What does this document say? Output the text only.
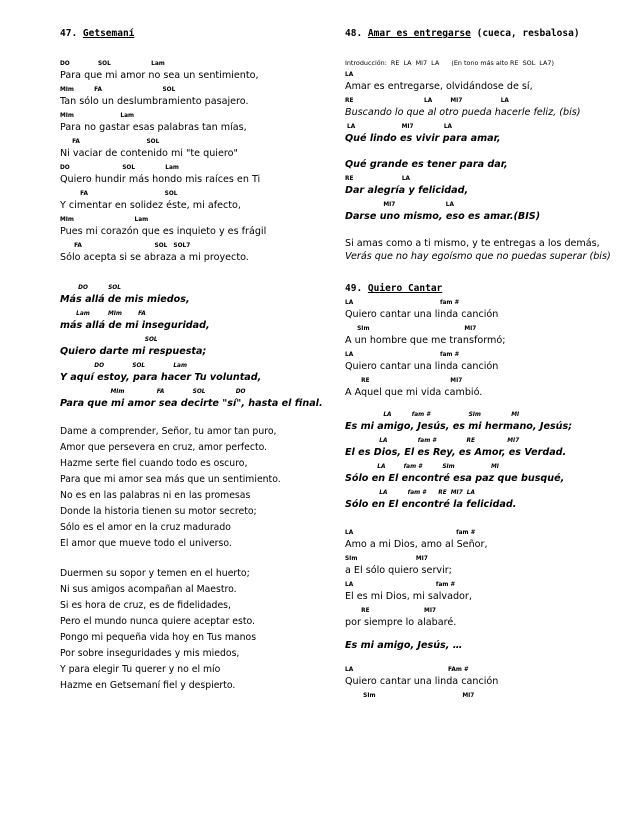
47. Getsemaní
DO              SOL                    Lam
Para que mi amor no sea un sentimiento,
MIm          FA                              SOL
Tan sólo un deslumbramiento pasajero.
MIm                       Lam
Para no gastar esas palabras tan mías,
FA                                 SOL
Ni vaciar de contenido mi "te quiero"
DO                          SOL               Lam
Quiero hundir más hondo mis raíces en Ti
FA                                      SOL
Y cimentar en solidez éste, mi afecto,
MIm                              Lam
Pues mi corazón que es inquieto y es frágil
FA                                    SOL   SOL7
Sólo acepta si se abraza a mi proyecto.
DO          SOL
Más allá de mis miedos,
Lam         MIm        FA
más allá de mi inseguridad,
SOL
Quiero darte mi respuesta;
DO              SOL              Lam
Y aquí estoy, para hacer Tu voluntad,
MIm                FA              SOL               DO
Para que mi amor sea decirte "sí", hasta el final.
Dame a comprender, Señor, tu amor tan puro,
Amor que persevera en cruz, amor perfecto.
Hazme serte fiel cuando todo es oscuro,
Para que mi amor sea más que un sentimiento.
No es en las palabras ni en las promesas
Donde la historia tienen su motor secreto;
Sólo es el amor en la cruz madurado
El amor que mueve todo el universo.
Duermen su sopor y temen en el huerto;
Ni sus amigos acompañan al Maestro.
Si es hora de cruz, es de fidelidades,
Pero el mundo nunca quiere aceptar esto.
Pongo mi pequeña vida hoy en Tus manos
Por sobre inseguridades y mis miedos,
Y para elegir Tu querer y no el mío
Hazme en Getsemaní fiel y despierto.
48. Amar es entregarse (cueca, resbalosa)
Introducción:  RE  LA  MI7  LA      (En tono más alto RE  SOL  LA7)
LA
Amar es entregarse, olvidándose de sí,
RE                                   LA         MI7                   LA
Buscando lo que al otro pueda hacerle feliz, (bis)
LA                       MI7               LA
Qué lindo es vivir para amar,
Qué grande es tener para dar,
RE                        LA
Dar alegría y felicidad,
MI7                         LA
Darse uno mismo, eso es amar.(BIS)
Si amas como a ti mismo, y te entregas a los demás,
Verás que no hay egoísmo que no puedas superar (bis)
49. Quiero Cantar
LA                                           fam #
Quiero cantar una linda canción
SIm                                               MI7
A un hombre que me transformó;
LA                                           fam #
Quiero cantar una linda canción
RE                                        MI7
A Aquel que mi vida cambió.
LA          fam #                   SIm               MI
Es mi amigo, Jesús, es mi hermano, Jesús;
LA               fam #               RE                MI7
El es Dios, El es Rey, es Amor, es Verdad.
LA         fam #          SIm                  MI
Sólo en El encontré esa paz que busqué,
LA          fam #      RE  MI7  LA
Sólo en El encontré la felicidad.
LA                                                   fam #
Amo a mi Dios, amo al Señor,
SIm                             MI7
a El sólo quiero servir;
LA                                         fam #
El es mi Dios, mi salvador,
RE                           MI7
por siempre lo alabaré.
Es mi amigo, Jesús, …
LA                                               FAm #
Quiero cantar una linda canción
SIm                                           MI7
